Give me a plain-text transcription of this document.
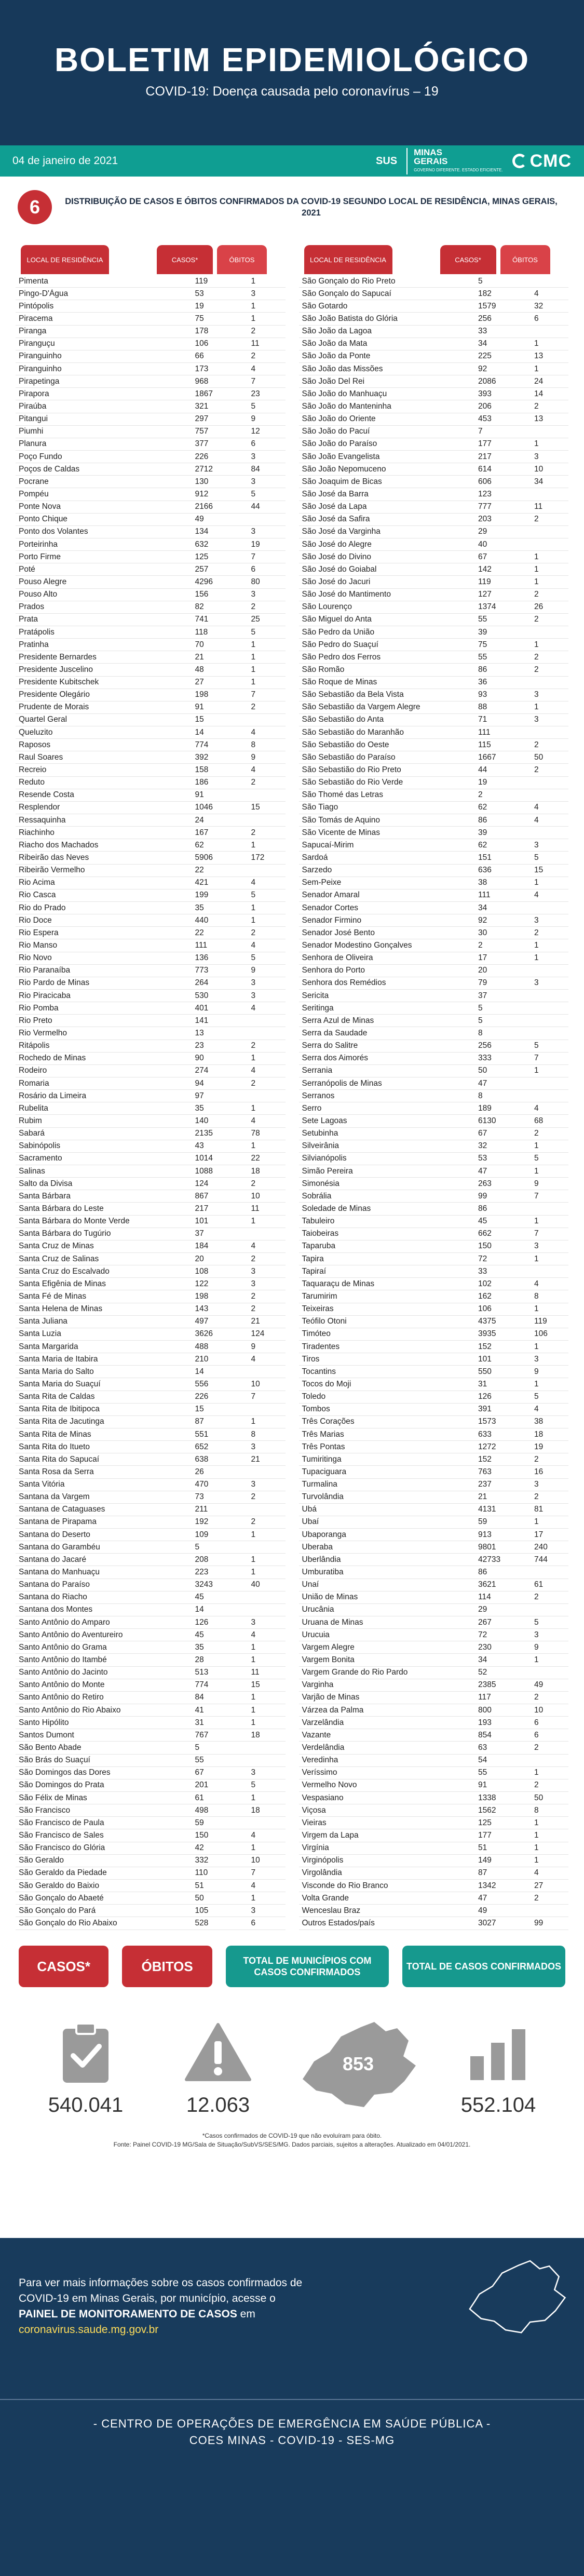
BOLETIM EPIDEMIOLÓGICO
COVID-19: Doença causada pelo coronavírus – 19
04 de janeiro de 2021	SUS
MINAS
GERAIS
GOVERNO DIFERENTE. ESTADO EFICIENTE. CMC
6	DISTRIBUIÇÃO DE CASOS E ÓBITOS CONFIRMADOS DA COVID-19 SEGUNDO LOCAL DE RESIDÊNCIA, MINAS GERAIS, 2021
LOCAL DE RESIDÊNCIA	CASOS*	ÓBITOS
Pimenta	119	1
Pingo-D'Água	53	3
Pintópolis	19	1
Piracema	75	1
Piranga	178	2
Piranguçu	106	11
Piranguinho	66	2
Piranguinho	173	4
Pirapetinga	968	7
Pirapora	1867	23
Piraúba	321	5
Pitangui	297	9
Piumhi	757	12
Planura	377	6
Poço Fundo	226	3
Poços de Caldas	2712	84
Pocrane	130	3
Pompéu	912	5
Ponte Nova	2166	44
Ponto Chique	49
Ponto dos Volantes	134	3
Porteirinha	632	19
Porto Firme	125	7
Poté	257	6
Pouso Alegre	4296	80
Pouso Alto	156	3
Prados	82	2
Prata	741	25
Pratápolis	118	5
Pratinha	70	1
Presidente Bernardes	21	1
Presidente Juscelino	48	1
Presidente Kubitschek	27	1
Presidente Olegário	198	7
Prudente de Morais	91	2
Quartel Geral	15
Queluzito	14	4
Raposos	774	8
Raul Soares	392	9
Recreio	158	4
Reduto	186	2
Resende Costa	91
Resplendor	1046	15
Ressaquinha	24
Riachinho	167	2
Riacho dos Machados	62	1
Ribeirão das Neves	5906	172
Ribeirão Vermelho	22
Rio Acima	421	4
Rio Casca	199	5
Rio do Prado	35	1
Rio Doce	440	1
Rio Espera	22	2
Rio Manso	111	4
Rio Novo	136	5
Rio Paranaíba	773	9
Rio Pardo de Minas	264	3
Rio Piracicaba	530	3
Rio Pomba	401	4
Rio Preto	141
Rio Vermelho	13
Ritápolis	23	2
Rochedo de Minas	90	1
Rodeiro	274	4
Romaria	94	2
Rosário da Limeira	97
Rubelita	35	1
Rubim	140	4
Sabará	2135	78
Sabinópolis	43	1
Sacramento	1014	22
Salinas	1088	18
Salto da Divisa	124	2
Santa Bárbara	867	10
Santa Bárbara do Leste	217	11
Santa Bárbara do Monte Verde	101	1
Santa Bárbara do Tugúrio	37
Santa Cruz de Minas	184	4
Santa Cruz de Salinas	20	2
Santa Cruz do Escalvado	108	3
Santa Efigênia de Minas	122	3
Santa Fé de Minas	198	2
Santa Helena de Minas	143	2
Santa Juliana	497	21
Santa Luzia	3626	124
Santa Margarida	488	9
Santa Maria de Itabira	210	4
Santa Maria do Salto	14
Santa Maria do Suaçuí	556	10
Santa Rita de Caldas	226	7
Santa Rita de Ibitipoca	15
Santa Rita de Jacutinga	87	1
Santa Rita de Minas	551	8
Santa Rita do Itueto	652	3
Santa Rita do Sapucaí	638	21
Santa Rosa da Serra	26
Santa Vitória	470	3
Santana da Vargem	73	2
Santana de Cataguases	211
Santana de Pirapama	192	2
Santana do Deserto	109	1
Santana do Garambéu	5
Santana do Jacaré	208	1
Santana do Manhuaçu	223	1
Santana do Paraíso	3243	40
Santana do Riacho	45
Santana dos Montes	14
Santo Antônio do Amparo	126	3
Santo Antônio do Aventureiro	45	4
Santo Antônio do Grama	35	1
Santo Antônio do Itambé	28	1
Santo Antônio do Jacinto	513	11
Santo Antônio do Monte	774	15
Santo Antônio do Retiro	84	1
Santo Antônio do Rio Abaixo	41	1
Santo Hipólito	31	1
Santos Dumont	767	18
São Bento Abade	5
São Brás do Suaçuí	55
São Domingos das Dores	67	3
São Domingos do Prata	201	5
São Félix de Minas	61	1
São Francisco	498	18
São Francisco de Paula	59
São Francisco de Sales	150	4
São Francisco do Glória	42	1
São Geraldo	332	10
São Geraldo da Piedade	110	7
São Geraldo do Baixio	51	4
São Gonçalo do Abaeté	50	1
São Gonçalo do Pará	105	3
São Gonçalo do Rio Abaixo	528	6
LOCAL DE RESIDÊNCIA	CASOS*	ÓBITOS
São Gonçalo do Rio Preto	5
São Gonçalo do Sapucaí	182	4
São Gotardo	1579	32
São João Batista do Glória	256	6
São João da Lagoa	33
São João da Mata	34	1
São João da Ponte	225	13
São João das Missões	92	1
São João Del Rei	2086	24
São João do Manhuaçu	393	14
São João do Manteninha	206	2
São João do Oriente	453	13
São João do Pacuí	7
São João do Paraíso	177	1
São João Evangelista	217	3
São João Nepomuceno	614	10
São Joaquim de Bicas	606	34
São José da Barra	123
São José da Lapa	777	11
São José da Safira	203	2
São José da Varginha	29
São José do Alegre	40
São José do Divino	67	1
São José do Goiabal	142	1
São José do Jacuri	119	1
São José do Mantimento	127	2
São Lourenço	1374	26
São Miguel do Anta	55	2
São Pedro da União	39
São Pedro do Suaçuí	75	1
São Pedro dos Ferros	55	2
São Romão	86	2
São Roque de Minas	36
São Sebastião da Bela Vista	93	3
São Sebastião da Vargem Alegre	88	1
São Sebastião do Anta	71	3
São Sebastião do Maranhão	111
São Sebastião do Oeste	115	2
São Sebastião do Paraíso	1667	50
São Sebastião do Rio Preto	44	2
São Sebastião do Rio Verde	19
São Thomé das Letras	2
São Tiago	62	4
São Tomás de Aquino	86	4
São Vicente de Minas	39
Sapucaí-Mirim	62	3
Sardoá	151	5
Sarzedo	636	15
Sem-Peixe	38	1
Senador Amaral	111	4
Senador Cortes	34
Senador Firmino	92	3
Senador José Bento	30	2
Senador Modestino Gonçalves	2	1
Senhora de Oliveira	17	1
Senhora do Porto	20
Senhora dos Remédios	79	3
Sericita	37
Seritinga	5
Serra Azul de Minas	5
Serra da Saudade	8
Serra do Salitre	256	5
Serra dos Aimorés	333	7
Serrania	50	1
Serranópolis de Minas	47
Serranos	8
Serro	189	4
Sete Lagoas	6130	68
Setubinha	67	2
Silveirânia	32	1
Silvianópolis	53	5
Simão Pereira	47	1
Simonésia	263	9
Sobrália	99	7
Soledade de Minas	86
Tabuleiro	45	1
Taiobeiras	662	7
Taparuba	150	3
Tapira	72	1
Tapiraí	33
Taquaraçu de Minas	102	4
Tarumirim	162	8
Teixeiras	106	1
Teófilo Otoni	4375	119
Timóteo	3935	106
Tiradentes	152	1
Tiros	101	3
Tocantins	550	9
Tocos do Moji	31	1
Toledo	126	5
Tombos	391	4
Três Corações	1573	38
Três Marias	633	18
Três Pontas	1272	19
Tumiritinga	152	2
Tupaciguara	763	16
Turmalina	237	3
Turvolândia	21	2
Ubá	4131	81
Ubaí	59	1
Ubaporanga	913	17
Uberaba	9801	240
Uberlândia	42733	744
Umburatiba	86
Unaí	3621	61
União de Minas	114	2
Urucânia	29
Uruana de Minas	267	5
Urucuia	72	3
Vargem Alegre	230	9
Vargem Bonita	34	1
Vargem Grande do Rio Pardo	52
Varginha	2385	49
Varjão de Minas	117	2
Várzea da Palma	800	10
Varzelândia	193	6
Vazante	854	6
Verdelândia	63	2
Veredinha	54
Veríssimo	55	1
Vermelho Novo	91	2
Vespasiano	1338	50
Viçosa	1562	8
Vieiras	125	1
Virgem da Lapa	177	1
Virgínia	51	1
Virginópolis	149	1
Virgolândia	87	4
Visconde do Rio Branco	1342	27
Volta Grande	47	2
Wenceslau Braz	49
Outros Estados/país	3027	99
CASOS*	ÓBITOS	TOTAL DE MUNICÍPIOS COM CASOS CONFIRMADOS
TOTAL DE CASOS CONFIRMADOS
540.041	12.063
853
552.104
*Casos confirmados de COVID-19 que não evoluíram para óbito.
Fonte: Painel COVID-19 MG/Sala de Situação/SubVS/SES/MG. Dados parciais, sujeitos a alterações. Atualizado em 04/01/2021.

Para ver mais informações sobre os casos confirmados de COVID-19 em Minas Gerais, por município, acesse o PAINEL DE MONITORAMENTO DE CASOS em coronavirus.saude.mg.gov.br

- CENTRO DE OPERAÇÕES DE EMERGÊNCIA EM SAÚDE PÚBLICA -
COES MINAS - COVID-19 - SES-MG
